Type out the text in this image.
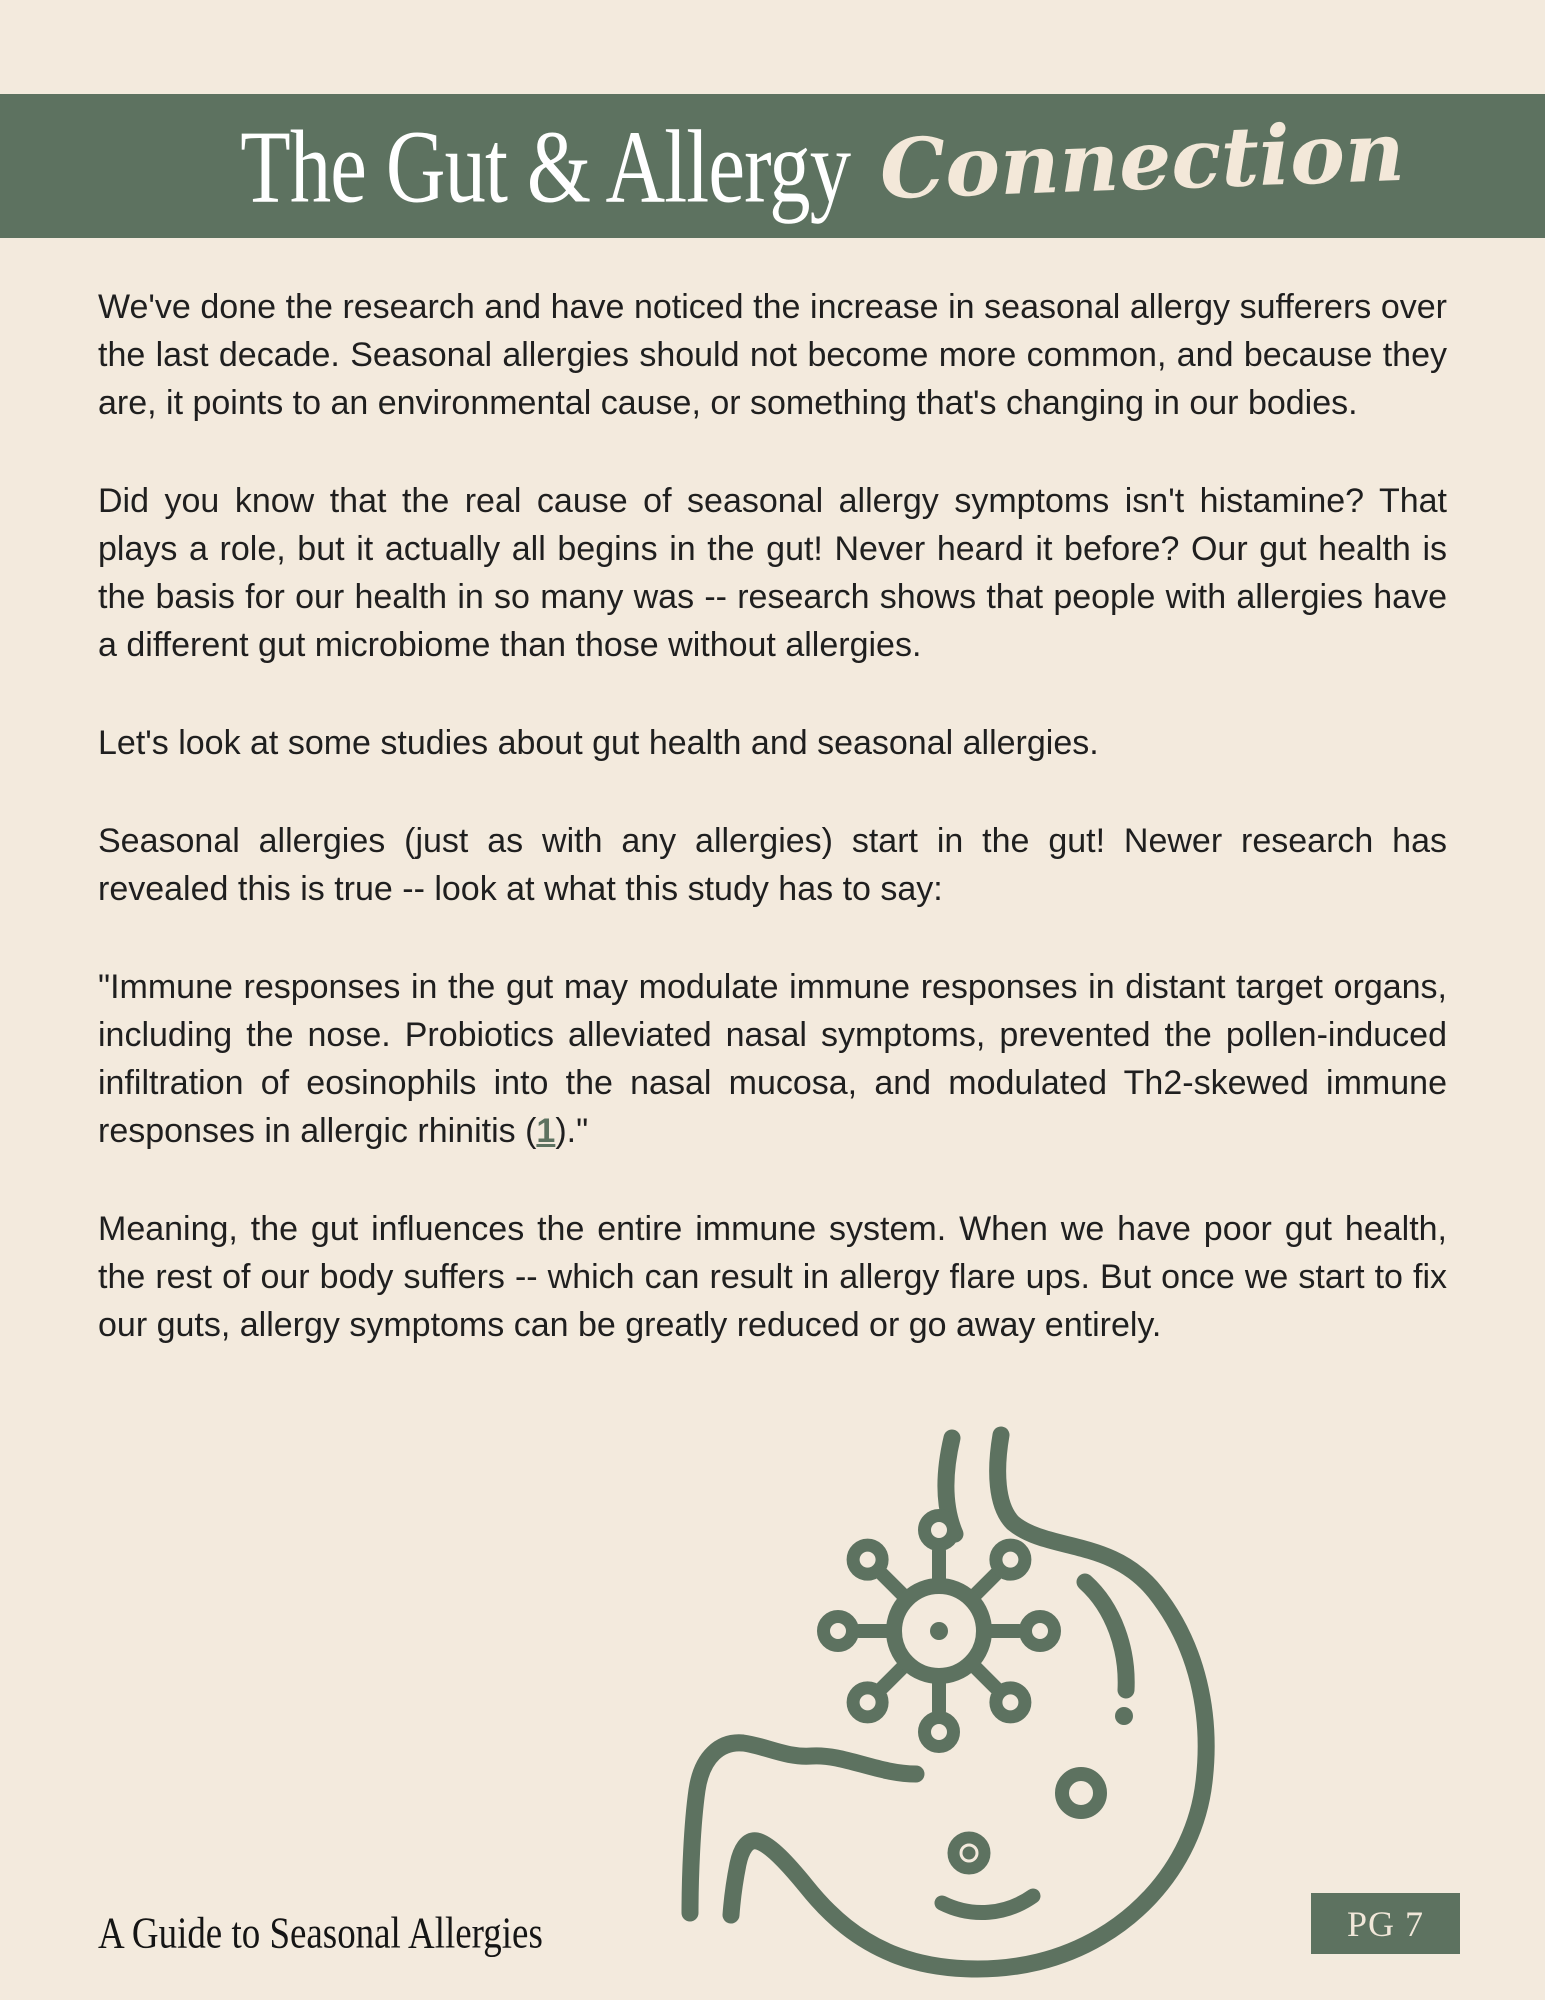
The Gut & Allergy Connection

We've done the research and have noticed the increase in seasonal allergy sufferers over the last decade. Seasonal allergies should not become more common, and because they are, it points to an environmental cause, or something that's changing in our bodies.

Did you know that the real cause of seasonal allergy symptoms isn't histamine? That plays a role, but it actually all begins in the gut! Never heard it before? Our gut health is the basis for our health in so many was -- research shows that people with allergies have a different gut microbiome than those without allergies.

Let's look at some studies about gut health and seasonal allergies.

Seasonal allergies (just as with any allergies) start in the gut! Newer research has revealed this is true -- look at what this study has to say:

"Immune responses in the gut may modulate immune responses in distant target organs, including the nose. Probiotics alleviated nasal symptoms, prevented the pollen-induced infiltration of eosinophils into the nasal mucosa, and modulated Th2-skewed immune responses in allergic rhinitis (1)."

Meaning, the gut influences the entire immune system. When we have poor gut health, the rest of our body suffers -- which can result in allergy flare ups. But once we start to fix our guts, allergy symptoms can be greatly reduced or go away entirely.

A Guide to Seasonal Allergies	PG 7
